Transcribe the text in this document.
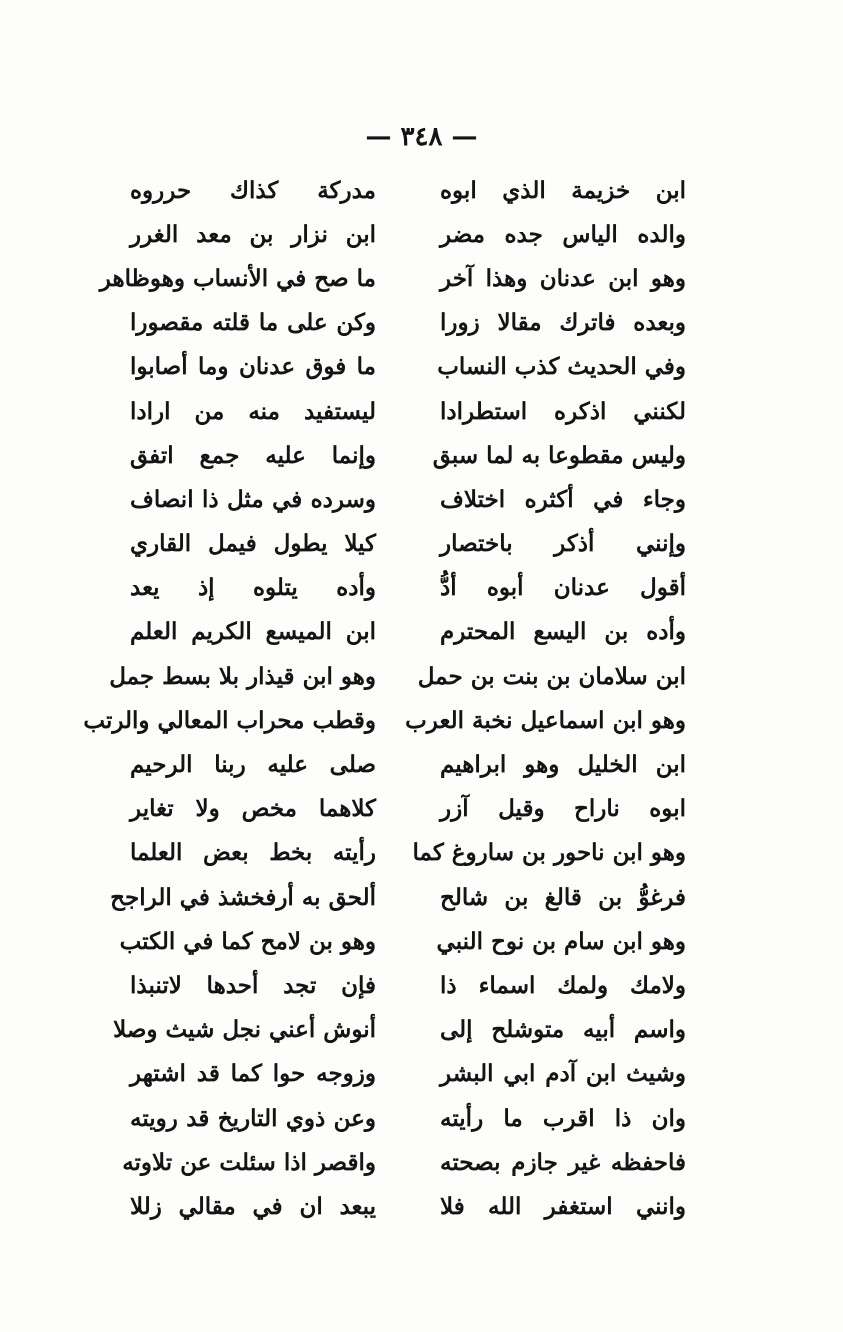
— ٣٤٨ —
ابن خزيمة الذي ابوه
مدركة كذاك حرروه
والده الياس جده مضر
ابن نزار بن معد الغرر
وهو ابن عدنان وهذا آخر
ما صح في الأنساب وهوظاهر
وبعده فاترك مقالا زورا
وكن على ما قلته مقصورا
وفي الحديث كذب النساب
ما فوق عدنان وما أصابوا
لكنني اذكره استطرادا
ليستفيد منه من ارادا
وليس مقطوعا به لما سبق
وإنما عليه جمع اتفق
وجاء في أكثره اختلاف
وسرده في مثل ذا انصاف
وإنني أذكر باختصار
كيلا يطول فيمل القاري
أقول عدنان أبوه أدُّ
وأده يتلوه إذ يعد
وأده بن اليسع المحترم
ابن الميسع الكريم العلم
ابن سلامان بن بنت بن حمل
وهو ابن قيذار بلا بسط جمل
وهو ابن اسماعيل نخبة العرب
وقطب محراب المعالي والرتب
ابن الخليل وهو ابراهيم
صلى عليه ربنا الرحيم
ابوه ناراح وقيل آزر
كلاهما مخص ولا تغاير
وهو ابن ناحور بن ساروغ كما
رأيته بخط بعض العلما
فرغوُّ بن قالغ بن شالح
ألحق به أرفخشذ في الراجح
وهو ابن سام بن نوح النبي
وهو بن لامح كما في الكتب
ولامك ولمك اسماء ذا
فإن تجد أحدها لاتنبذا
واسم أبيه متوشلح إلى
أنوش أعني نجل شيث وصلا
وشيث ابن آدم ابي البشر
وزوجه حوا كما قد اشتهر
وان ذا اقرب ما رأيته
وعن ذوي التاريخ قد رويته
فاحفظه غير جازم بصحته
واقصر اذا سئلت عن تلاوته
وانني استغفر الله فلا
يبعد ان في مقالي زللا
